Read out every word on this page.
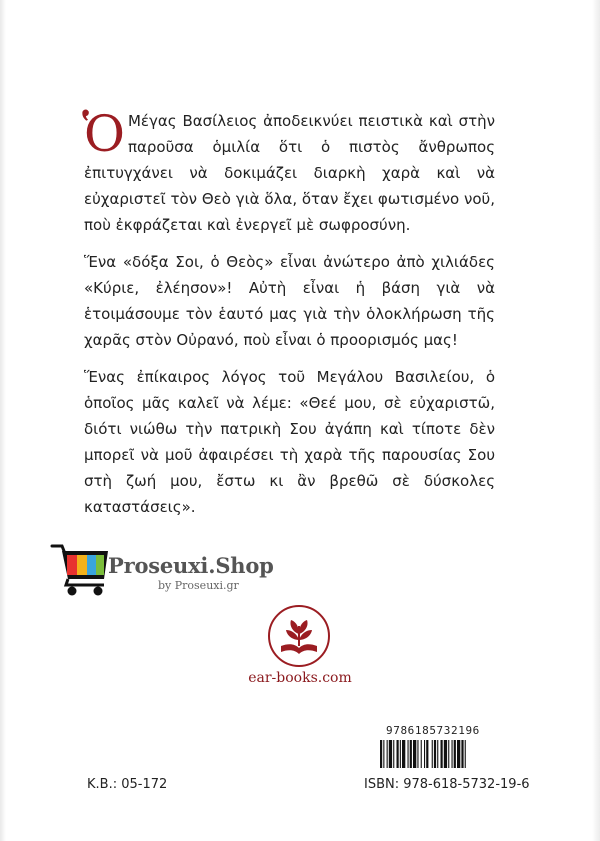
Ὁ Μέγας Βασίλειος ἀποδεικνύει πειστικὰ καὶ στὴν παροῦσα ὁμιλία ὅτι ὁ πιστὸς ἄνθρωπος ἐπιτυγχάνει νὰ δοκιμάζει διαρκὴ χαρὰ καὶ νὰ εὐχαριστεῖ τὸν Θεὸ γιὰ ὅλα, ὅταν ἔχει φωτισμένο νοῦ, ποὺ ἐκφράζεται καὶ ἐνεργεῖ μὲ σωφροσύνη.

Ἕνα «δόξα Σοι, ὁ Θεὸς» εἶναι ἀνώτερο ἀπὸ χιλιάδες «Κύριε, ἐλέησον»! Αὐτὴ εἶναι ἡ βάση γιὰ νὰ ἑτοιμάσουμε τὸν ἑαυτό μας γιὰ τὴν ὁλοκλήρωση τῆς χαρᾶς στὸν Οὐρανό, ποὺ εἶναι ὁ προορισμός μας!

Ἕνας ἐπίκαιρος λόγος τοῦ Μεγάλου Βασιλείου, ὁ ὁποῖος μᾶς καλεῖ νὰ λέμε: «Θεέ μου, σὲ εὐχαριστῶ, διότι νιώθω τὴν πατρικὴ Σου ἀγάπη καὶ τίποτε δὲν μπορεῖ νὰ μοῦ ἀφαιρέσει τὴ χαρὰ τῆς παρουσίας Σου στὴ ζωή μου, ἔστω κι ἂν βρεθῶ σὲ δύσκολες καταστάσεις».

Proseuxi.Shop
by Proseuxi.gr
ear-books.com
9786185732196
Κ.Β.: 05-172	ISBN: 978-618-5732-19-6
